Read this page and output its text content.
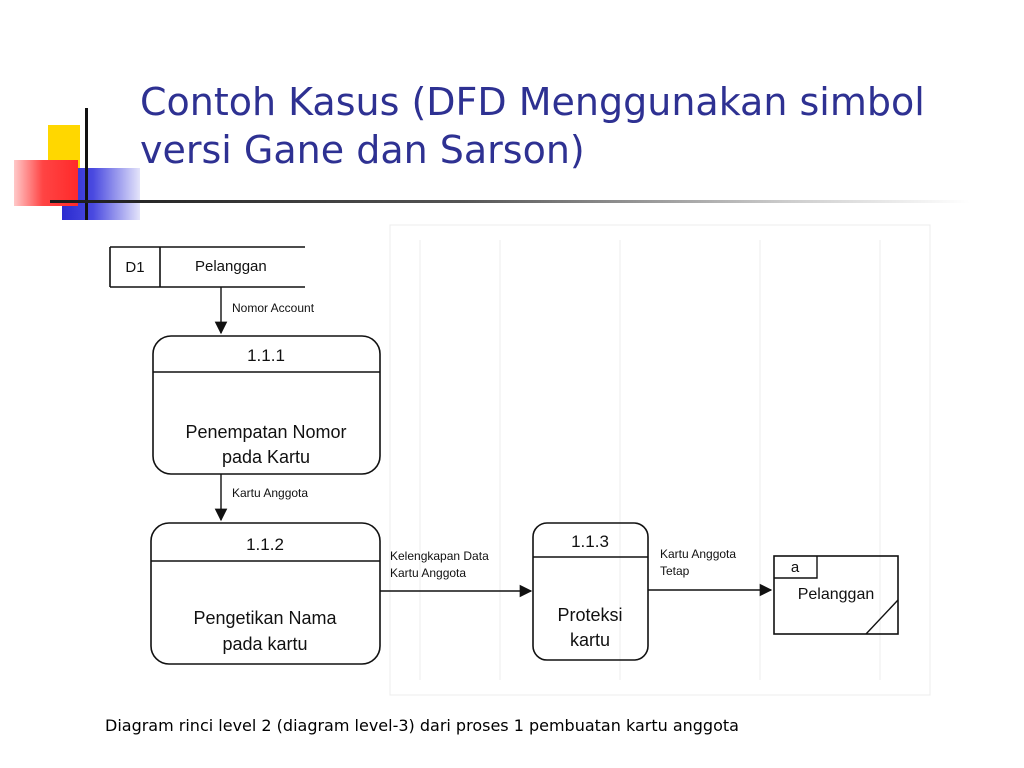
Contoh Kasus (DFD Menggunakan simbol versi Gane dan Sarson)
D1	Pelanggan
Nomor Account
1.1.1
Penempatan Nomor
pada Kartu
Kartu Anggota
1.1.2
Pengetikan Nama
pada kartu
Kelengkapan Data
Kartu Anggota
1.1.3
Proteksi
kartu
Kartu Anggota
Tetap	a
Pelanggan
Diagram rinci level 2 (diagram level-3) dari proses 1 pembuatan kartu anggota
